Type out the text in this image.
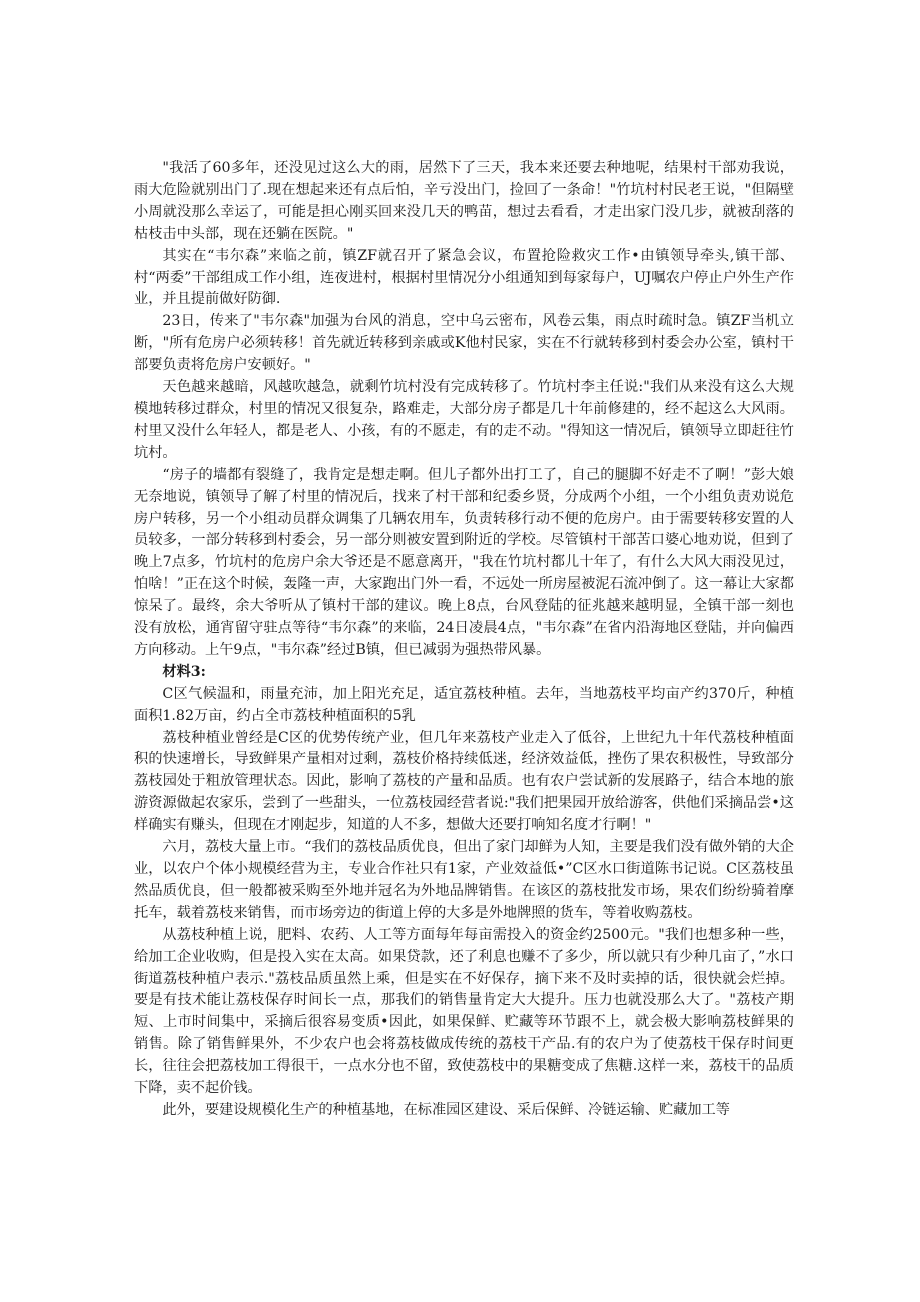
"我活了60多年，还没见过这么大的雨，居然下了三天，我本来还要去种地呢，结果村干部劝我说，雨大危险就别出门了.现在想起来还有点后怕，辛亏没出门，捡回了一条命！"竹坑村村民老王说，"但隔壁小周就没那么幸运了，可能是担心刚买回来没几天的鸭苗，想过去看看，才走出家门没几步，就被刮落的枯枝击中头部，现在还躺在医院。"

其实在“韦尔森”来临之前，镇ZF就召开了紧急会议，布置抢险救灾工作•由镇领导牵头,镇干部、村“两委”干部组成工作小组，连夜进村，根据村里情况分小组通知到每家每户，UJ嘱农户停止户外生产作业，并且提前做好防御.

23日，传来了"韦尔森"加强为台风的消息，空中乌云密布，风卷云集，雨点时疏时急。镇ZF当机立断，"所有危房户必须转移！首先就近转移到亲戚或K他村民家，实在不行就转移到村委会办公室，镇村干部要负责将危房户安顿好。"

天色越来越暗，风越吹越急，就剩竹坑村没有完成转移了。竹坑村李主任说:"我们从来没有这么大规模地转移过群众，村里的情况又很复杂，路难走，大部分房子都是几十年前修建的，经不起这么大风雨。村里又没什么年轻人，都是老人、小孩，有的不愿走，有的走不动。"得知这一情况后，镇领导立即赶往竹坑村。

“房子的墙都有裂缝了，我肯定是想走啊。但儿子都外出打工了，自己的腿脚不好走不了啊！”彭大娘无奈地说，镇领导了解了村里的情况后，找来了村干部和纪委乡贤，分成两个小组，一个小组负责劝说危房户转移，另一个小组动员群众调集了几辆农用车，负责转移行动不便的危房户。由于需要转移安置的人员较多，一部分转移到村委会，另一部分则被安置到附近的学校。尽管镇村干部苦口婆心地劝说，但到了晚上7点多，竹坑村的危房户余大爷还是不愿意离开，"我在竹坑村都儿十年了，有什么大风大雨没见过，怕啥！”正在这个时候，轰隆一声，大家跑出门外一看，不远处一所房屋被泥石流冲倒了。这一幕让大家都惊呆了。最终，余大爷听从了镇村干部的建议。晚上8点，台风登陆的征兆越来越明显，全镇干部一刻也没有放松，通宵留守驻点等待“韦尔森”的来临，24日凌晨4点，"韦尔森”在省内沿海地区登陆，并向偏西方向移动。上午9点，"韦尔森”经过B镇，但已减弱为强热带风暴。

材料3:

C区气候温和，雨量充沛，加上阳光充足，适宜荔枝种植。去年，当地荔枝平均亩产约370斤，种植面积1.82万亩，约占全市荔枝种植面积的5乳

荔枝种植业曾经是C区的优势传统产业，但几年来荔枝产业走入了低谷，上世纪九十年代荔枝种植面积的快速增长，导致鲜果产量相对过剩，荔枝价格持续低迷，经济效益低，挫伤了果农积极性，导致部分荔枝园处于粗放管理状态。因此，影响了荔枝的产量和品质。也有农户尝试新的发展路子，结合本地的旅游资源做起农家乐，尝到了一些甜头，一位荔枝园经营者说:"我们把果园开放给游客，供他们采摘品尝•这样确实有赚头，但现在才刚起步，知道的人不多，想做大还要打响知名度才行啊！"

六月，荔枝大量上市。“我们的荔枝品质优良，但出了家门却鲜为人知，主要是我们没有做外销的大企业，以农户个体小规模经营为主，专业合作社只有1家，产业效益低•”C区水口街道陈书记说。C区荔枝虽然品质优良，但一般都被采购至外地并冠名为外地品牌销售。在该区的荔枝批发市场，果农们纷纷骑着摩托车，载着荔枝来销售，而市场旁边的街道上停的大多是外地牌照的货车，等着收购荔枝。

从荔枝种植上说，肥料、农药、人工等方面每年每亩需投入的资金约2500元。"我们也想多种一些，给加工企业收购，但是投入实在太高。如果贷款，还了利息也赚不了多少，所以就只有少种几亩了，”水口街道荔枝种植户表示."荔枝品质虽然上乘，但是实在不好保存，摘下来不及时卖掉的话，很快就会烂掉。要是有技术能让荔枝保存时间长一点，那我们的销售量肯定大大提升。压力也就没那么大了。"荔枝产期短、上市时间集中，采摘后很容易变质•因此，如果保鲜、贮藏等环节跟不上，就会极大影响荔枝鲜果的销售。除了销售鲜果外，不少农户也会将荔枝做成传统的荔枝干产品.有的农户为了使荔枝干保存时间更长，往往会把荔枝加工得很干，一点水分也不留，致使荔枝中的果糖变成了焦糖.这样一来，荔枝干的品质下降，卖不起价钱。

此外，要建设规模化生产的种植基地，在标准园区建设、采后保鲜、冷链运输、贮藏加工等
